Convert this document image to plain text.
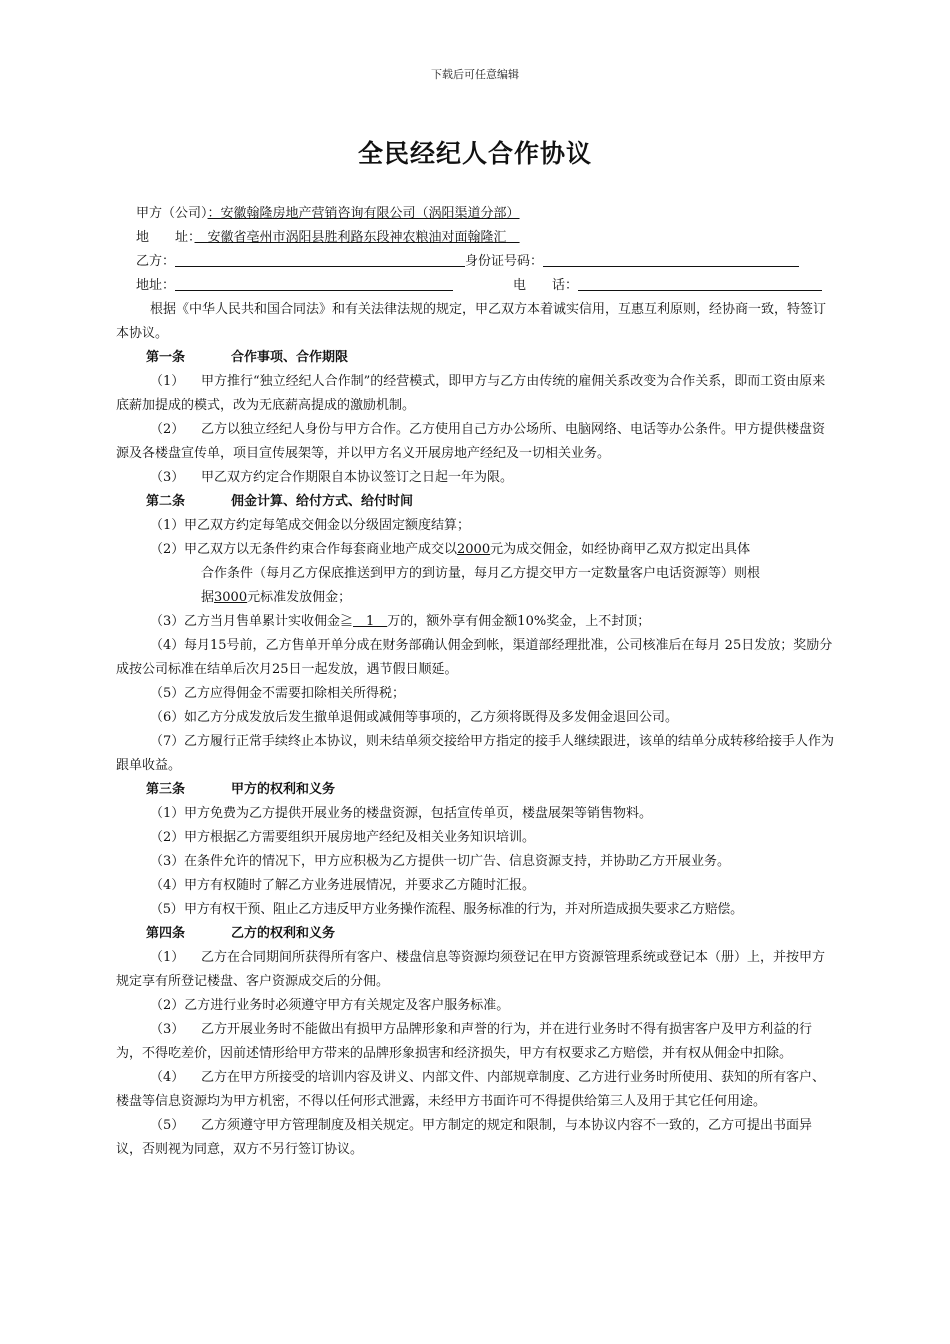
下载后可任意编辑
全民经纪人合作协议
甲方（公司）：安徽翰隆房地产营销咨询有限公司（涡阳渠道分部）
地　　址：　 安徽省亳州市涡阳县胜利路东段神农粮油对面翰隆汇　
乙方：	身份证号码：
地址：	电　　话：
根据《中华人民共和国合同法》和有关法律法规的规定，甲乙双方本着诚实信用，互惠互利原则，经协商一致，特签订本协议。
第一条	合作事项、合作期限
（1） 甲方推行“独立经纪人合作制”的经营模式，即甲方与乙方由传统的雇佣关系改变为合作关系，即而工资由原来底薪加提成的模式，改为无底薪高提成的激励机制。
（2） 乙方以独立经纪人身份与甲方合作。乙方使用自己方办公场所、电脑网络、电话等办公条件。甲方提供楼盘资源及各楼盘宣传单，项目宣传展架等，并以甲方名义开展房地产经纪及一切相关业务。
（3） 甲乙双方约定合作期限自本协议签订之日起一年为限。
第二条	佣金计算、给付方式、给付时间
（1）甲乙双方约定每笔成交佣金以分级固定额度结算；
（2）甲乙双方以无条件约束合作每套商业地产成交以2000元为成交佣金，如经协商甲乙双方拟定出具体
合作条件（每月乙方保底推送到甲方的到访量，每月乙方提交甲方一定数量客户电话资源等）则根
据3000元标准发放佣金；
（3）乙方当月售单累计实收佣金≧　1　万的，额外享有佣金额10%奖金，上不封顶；
（4）每月15号前，乙方售单开单分成在财务部确认佣金到帐，渠道部经理批准，公司核准后在每月 25日发放；奖励分成按公司标准在结单后次月25日一起发放，遇节假日顺延。
（5）乙方应得佣金不需要扣除相关所得税；
（6）如乙方分成发放后发生撤单退佣或减佣等事项的，乙方须将既得及多发佣金退回公司。
（7）乙方履行正常手续终止本协议，则未结单须交接给甲方指定的接手人继续跟进，该单的结单分成转移给接手人作为跟单收益。
第三条	甲方的权利和义务
（1）甲方免费为乙方提供开展业务的楼盘资源，包括宣传单页，楼盘展架等销售物料。
（2）甲方根据乙方需要组织开展房地产经纪及相关业务知识培训。
（3）在条件允许的情况下，甲方应积极为乙方提供一切广告、信息资源支持，并协助乙方开展业务。
（4）甲方有权随时了解乙方业务进展情况，并要求乙方随时汇报。
（5）甲方有权干预、阻止乙方违反甲方业务操作流程、服务标准的行为，并对所造成损失要求乙方赔偿。
第四条	乙方的权利和义务
（1） 乙方在合同期间所获得所有客户、楼盘信息等资源均须登记在甲方资源管理系统或登记本（册）上，并按甲方规定享有所登记楼盘、客户资源成交后的分佣。
（2）乙方进行业务时必须遵守甲方有关规定及客户服务标准。
（3） 乙方开展业务时不能做出有损甲方品牌形象和声誉的行为，并在进行业务时不得有损害客户及甲方利益的行为，不得吃差价，因前述情形给甲方带来的品牌形象损害和经济损失，甲方有权要求乙方赔偿，并有权从佣金中扣除。
（4） 乙方在甲方所接受的培训内容及讲义、内部文件、内部规章制度、乙方进行业务时所使用、获知的所有客户、楼盘等信息资源均为甲方机密，不得以任何形式泄露，未经甲方书面许可不得提供给第三人及用于其它任何用途。
（5） 乙方须遵守甲方管理制度及相关规定。甲方制定的规定和限制，与本协议内容不一致的，乙方可提出书面异议，否则视为同意，双方不另行签订协议。
